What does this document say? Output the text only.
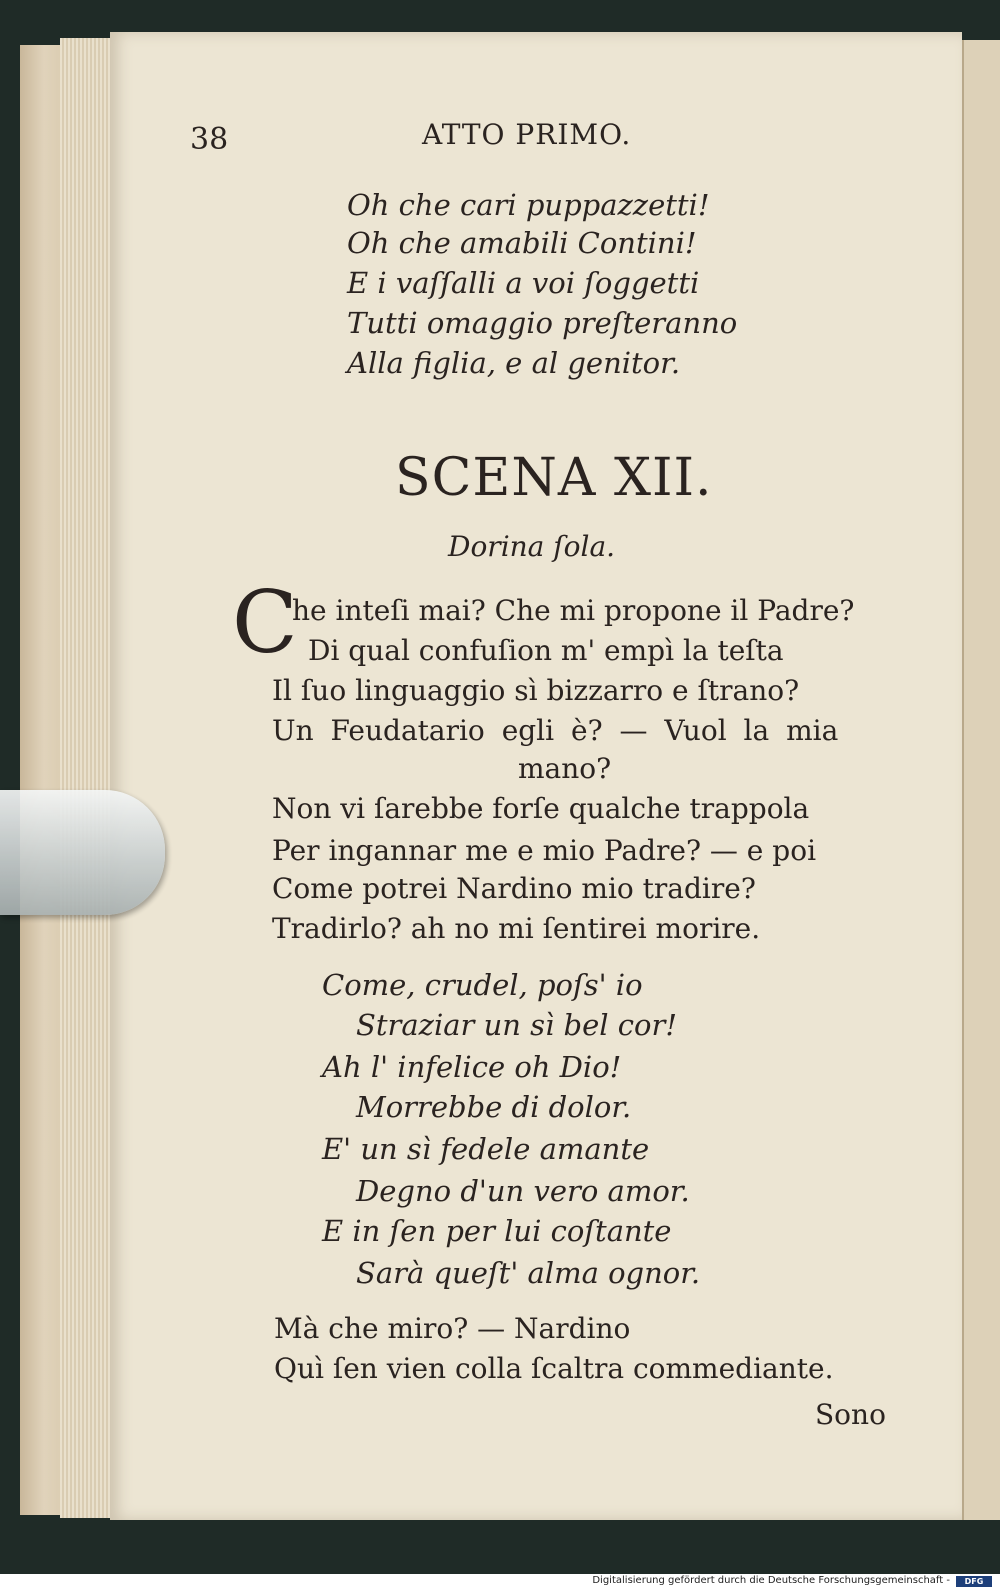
38	ATTO PRIMO.
Oh che cari puppazzetti!
Oh che amabili Contini!
E i vaſſalli a voi ſoggetti
Tutti omaggio preſteranno
Alla figlia, e al genitor.
SCENA XII.
Dorina ſola.
C
he inteſi mai? Che mi propone il Padre?
Di qual confuſion m' empì la teſta
Il ſuo linguaggio sì bizzarro e ſtrano?
Un Feudatario egli è? — Vuol la mia
mano?
Non vi ſarebbe forſe qualche trappola
Per ingannar me e mio Padre? — e poi
Come potrei Nardino mio tradire?
Tradirlo? ah no mi ſentirei morire.
Come, crudel, poſs' io
Straziar un sì bel cor!
Ah l' infelice oh Dio!
Morrebbe di dolor.
E' un sì fedele amante
Degno d'un vero amor.
E in ſen per lui coſtante
Sarà queſt' alma ognor.
Mà che miro? — Nardino
Quì ſen vien colla ſcaltra commediante.
Sono
Digitalisierung gefördert durch die Deutsche Forschungsgemeinschaft -	DFG
